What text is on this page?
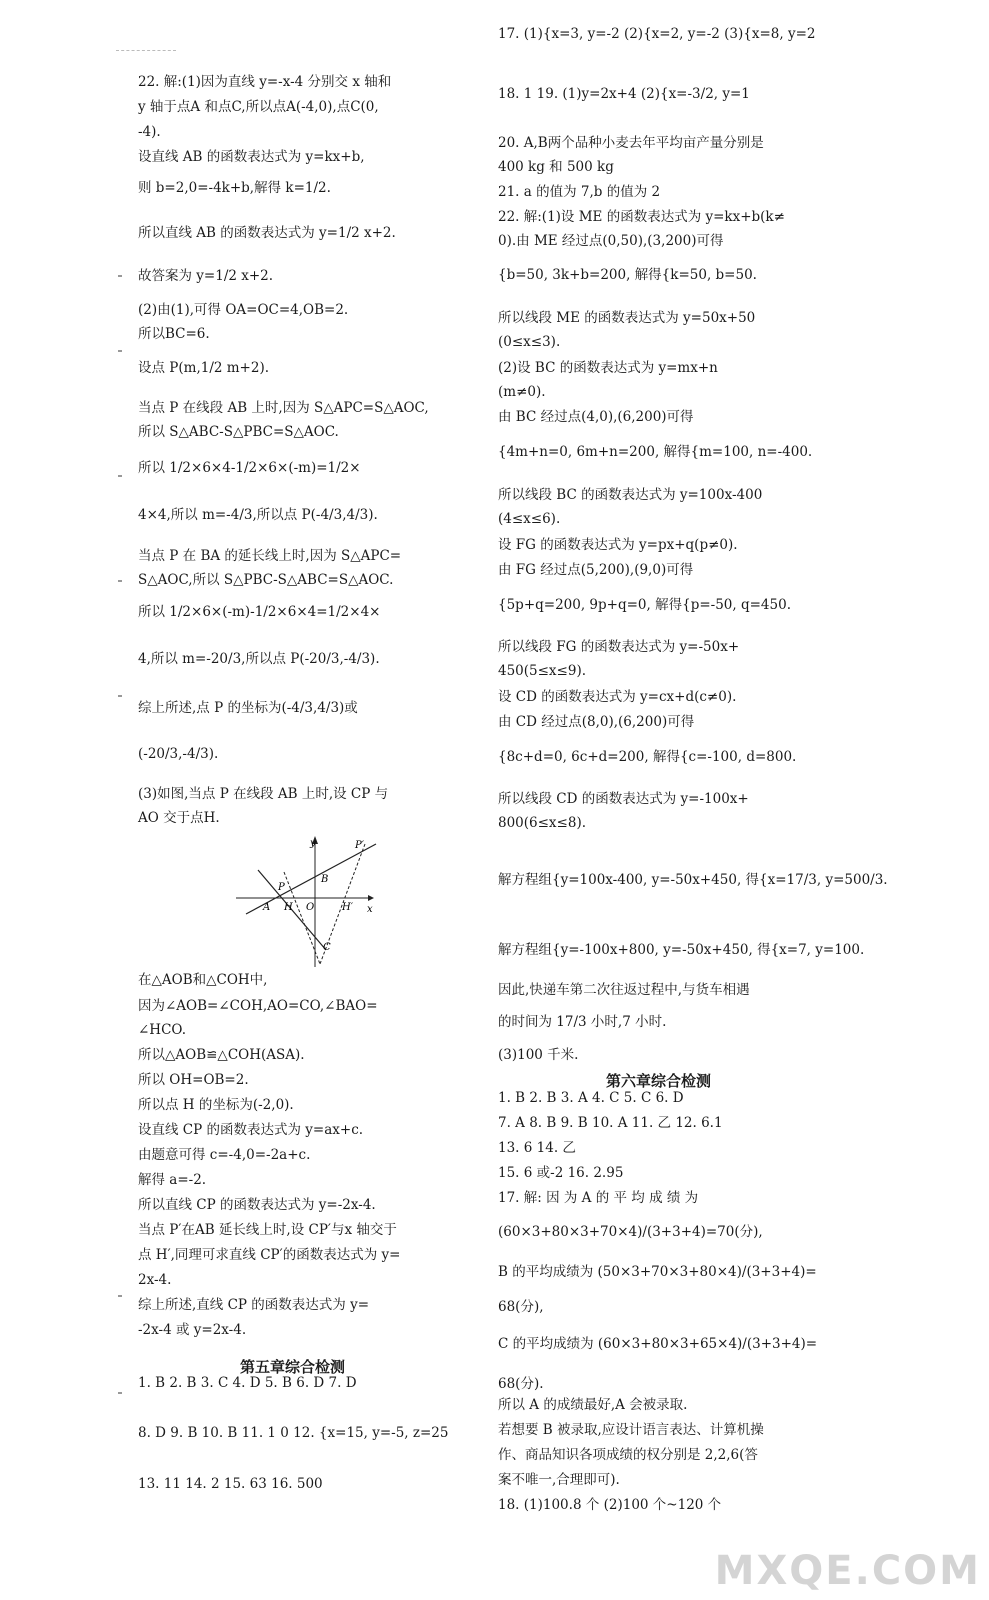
22. 解:(1)因为直线 y=-x-4 分别交 x 轴和
y 轴于点A 和点C,所以点A(-4,0),点C(0,
-4).
设直线 AB 的函数表达式为 y=kx+b,
则 b=2,0=-4k+b,解得 k=1/2.
所以直线 AB 的函数表达式为 y=1/2 x+2.
故答案为 y=1/2 x+2.
(2)由(1),可得 OA=OC=4,OB=2.
所以BC=6.
设点 P(m,1/2 m+2).
当点 P 在线段 AB 上时,因为 S△APC=S△AOC,
所以 S△ABC-S△PBC=S△AOC.
所以 1/2×6×4-1/2×6×(-m)=1/2×
4×4,所以 m=-4/3,所以点 P(-4/3,4/3).
当点 P 在 BA 的延长线上时,因为 S△APC=
S△AOC,所以 S△PBC-S△ABC=S△AOC.
所以 1/2×6×(-m)-1/2×6×4=1/2×4×
4,所以 m=-20/3,所以点 P(-20/3,-4/3).
综上所述,点 P 的坐标为(-4/3,4/3)或
(-20/3,-4/3).
(3)如图,当点 P 在线段 AB 上时,设 CP 与
AO 交于点H.
在△AOB和△COH中,
因为∠AOB=∠COH,AO=CO,∠BAO=
∠HCO.
所以△AOB≌△COH(ASA).
所以 OH=OB=2.
所以点 H 的坐标为(-2,0).
设直线 CP 的函数表达式为 y=ax+c.
由题意可得 c=-4,0=-2a+c.
解得 a=-2.
所以直线 CP 的函数表达式为 y=-2x-4.
当点 P′在AB 延长线上时,设 CP′与x 轴交于
点 H′,同理可求直线 CP′的函数表达式为 y=
2x-4.
综上所述,直线 CP 的函数表达式为 y=
-2x-4 或 y=2x-4.
1. B 2. B 3. C 4. D 5. B 6. D 7. D
8. D 9. B 10. B 11. 1 0 12. {x=15, y=-5, z=25
13. 11 14. 2 15. 63 16. 500
17. (1){x=3, y=-2 (2){x=2, y=-2 (3){x=8, y=2
18. 1 19. (1)y=2x+4 (2){x=-3/2, y=1
20. A,B两个品种小麦去年平均亩产量分别是
400 kg 和 500 kg
21. a 的值为 7,b 的值为 2
22. 解:(1)设 ME 的函数表达式为 y=kx+b(k≠
0).由 ME 经过点(0,50),(3,200)可得
{b=50, 3k+b=200, 解得{k=50, b=50.
所以线段 ME 的函数表达式为 y=50x+50
(0≤x≤3).
(2)设 BC 的函数表达式为 y=mx+n
(m≠0).
由 BC 经过点(4,0),(6,200)可得
{4m+n=0, 6m+n=200, 解得{m=100, n=-400.
所以线段 BC 的函数表达式为 y=100x-400
(4≤x≤6).
设 FG 的函数表达式为 y=px+q(p≠0).
由 FG 经过点(5,200),(9,0)可得
{5p+q=200, 9p+q=0, 解得{p=-50, q=450.
所以线段 FG 的函数表达式为 y=-50x+
450(5≤x≤9).
设 CD 的函数表达式为 y=cx+d(c≠0).
由 CD 经过点(8,0),(6,200)可得
{8c+d=0, 6c+d=200, 解得{c=-100, d=800.
所以线段 CD 的函数表达式为 y=-100x+
800(6≤x≤8).
解方程组{y=100x-400, y=-50x+450, 得{x=17/3, y=500/3.
解方程组{y=-100x+800, y=-50x+450, 得{x=7, y=100.
因此,快递车第二次往返过程中,与货车相遇
的时间为 17/3 小时,7 小时.
(3)100 千米.
1. B 2. B 3. A 4. C 5. C 6. D
7. A 8. B 9. B 10. A 11. 乙 12. 6.1
13. 6 14. 乙
15. 6 或-2 16. 2.95
17. 解: 因 为 A 的 平 均 成 绩 为
(60×3+80×3+70×4)/(3+3+4)=70(分),
B 的平均成绩为 (50×3+70×3+80×4)/(3+3+4)=
68(分),
C 的平均成绩为 (60×3+80×3+65×4)/(3+3+4)=
68(分).
所以 A 的成绩最好,A 会被录取.
若想要 B 被录取,应设计语言表达、计算机操
作、商品知识各项成绩的权分别是 2,2,6(答
案不唯一,合理即可).
18. (1)100.8 个 (2)100 个~120 个
第五章综合检测
第六章综合检测
y
x
P′
P
B
A H O	H′
C
MXQE.COM
